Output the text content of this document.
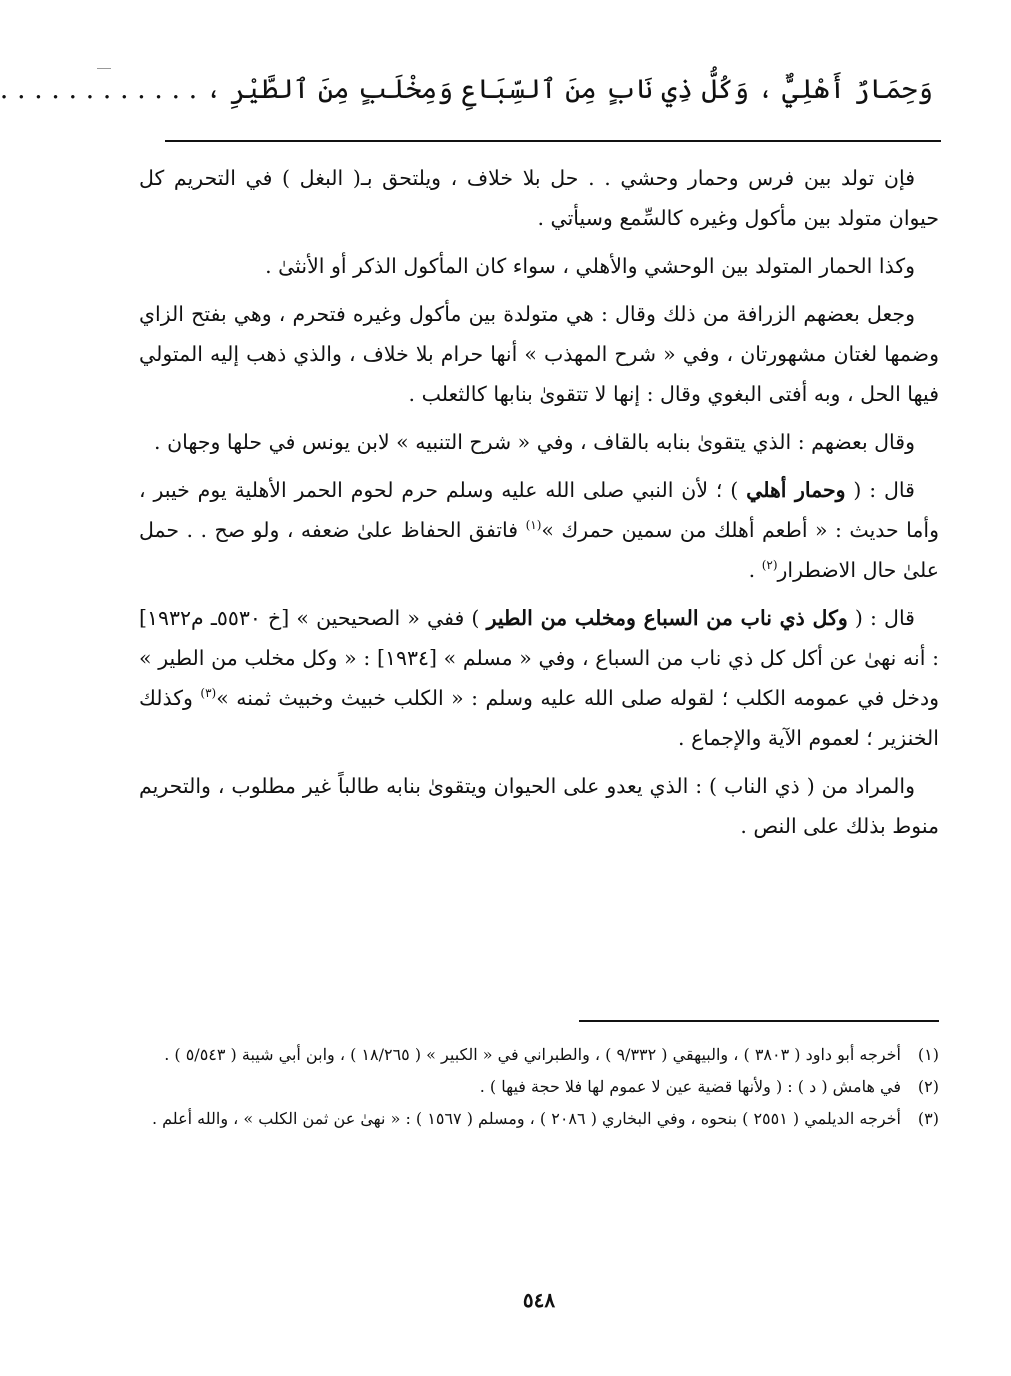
وَحِمَارٌ أَهْلِيٌّ ، وَكُلُّ ذِي نَابٍ مِنَ ٱلسِّبَاعِ وَمِخْلَبٍ مِنَ ٱلطَّيْرِ ، . . . . . . . . . . . .

فإن تولد بين فرس وحمار وحشي . . حل بلا خلاف ، ويلتحق بـ( البغل ) في التحريم كل حيوان متولد بين مأكول وغيره كالسِّمع وسيأتي .

وكذا الحمار المتولد بين الوحشي والأهلي ، سواء كان المأكول الذكر أو الأنثىٰ .

وجعل بعضهم الزرافة من ذلك وقال : هي متولدة بين مأكول وغيره فتحرم ، وهي بفتح الزاي وضمها لغتان مشهورتان ، وفي « شرح المهذب » أنها حرام بلا خلاف ، والذي ذهب إليه المتولي فيها الحل ، وبه أفتى البغوي وقال : إنها لا تتقوىٰ بنابها كالثعلب .

وقال بعضهم : الذي يتقوىٰ بنابه بالقاف ، وفي « شرح التنبيه » لابن يونس في حلها وجهان .

قال : ( وحمار أهلي ) ؛ لأن النبي صلى الله عليه وسلم حرم لحوم الحمر الأهلية يوم خيبر ، وأما حديث : « أطعم أهلك من سمين حمرك »$^{(١)}$ فاتفق الحفاظ علىٰ ضعفه ، ولو صح . . حمل علىٰ حال الاضطرار$^{(٢)}$ .

قال : ( وكل ذي ناب من السباع ومخلب من الطير ) ففي « الصحيحين » [خ ٥٥٣٠ـ م١٩٣٢] : أنه نهىٰ عن أكل كل ذي ناب من السباع ، وفي « مسلم » [١٩٣٤] : « وكل مخلب من الطير » ودخل في عمومه الكلب ؛ لقوله صلى الله عليه وسلم : « الكلب خبيث وخبيث ثمنه »$^{(٣)}$ وكذلك الخنزير ؛ لعموم الآية والإجماع .

والمراد من ( ذي الناب ) : الذي يعدو على الحيوان ويتقوىٰ بنابه طالباً غير مطلوب ، والتحريم منوط بذلك على النص .

(١)
أخرجه أبو داود ( ٣٨٠٣ ) ، والبيهقي ( ٩/٣٣٢ ) ، والطبراني في « الكبير » ( ١٨/٢٦٥ ) ، وابن أبي شيبة ( ٥/٥٤٣ ) .
(٢)
في هامش ( د ) : ( ولأنها قضية عين لا عموم لها فلا حجة فيها ) .
(٣)
أخرجه الديلمي ( ٢٥٥١ ) بنحوه ، وفي البخاري ( ٢٠٨٦ ) ، ومسلم ( ١٥٦٧ ) : « نهىٰ عن ثمن الكلب » ، والله أعلم .
٥٤٨
